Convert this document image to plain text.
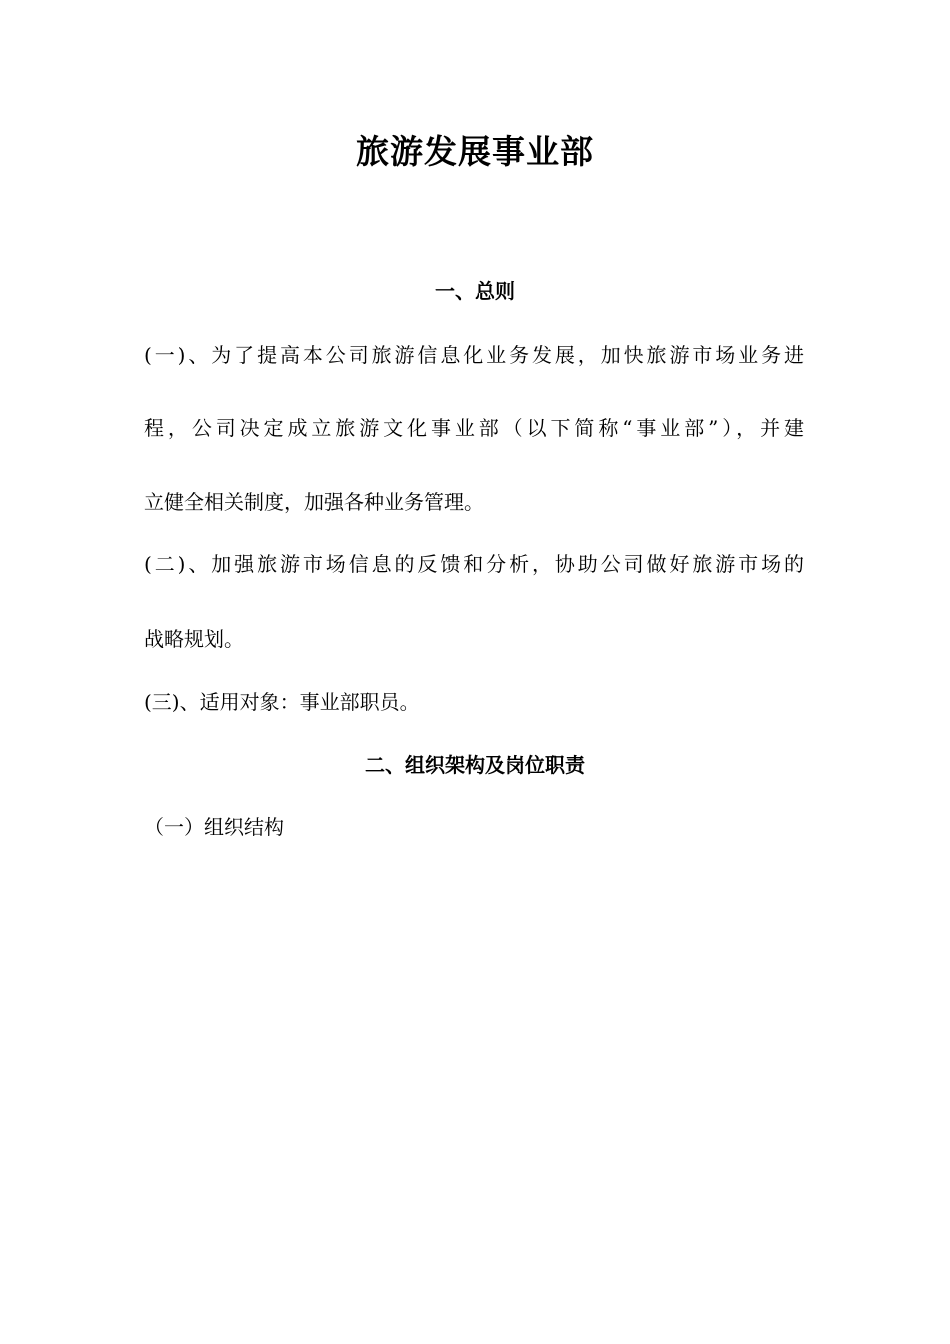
旅游发展事业部
一、总则
(一)、为了提高本公司旅游信息化业务发展，加快旅游市场业务进
程，公司决定成立旅游文化事业部（以下简称“事业部”），并建
立健全相关制度，加强各种业务管理。
(二)、加强旅游市场信息的反馈和分析，协助公司做好旅游市场的
战略规划。
(三)、适用对象：事业部职员。
二、组织架构及岗位职责
（一）组织结构
